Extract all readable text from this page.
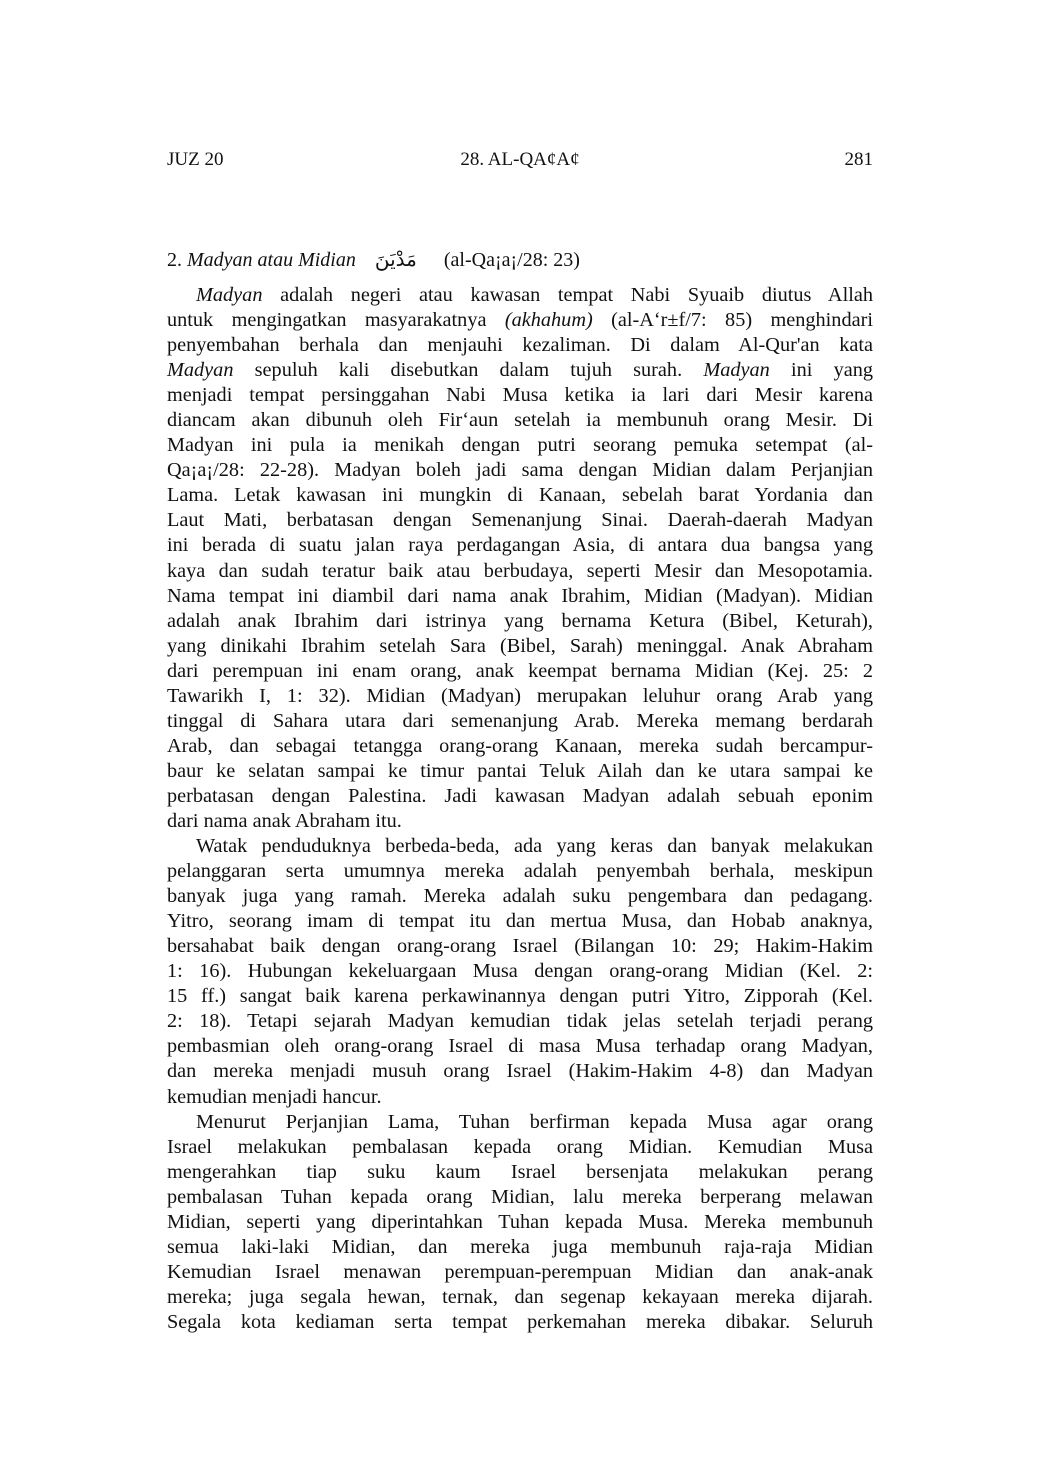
JUZ 20	28. AL-QA¢A¢	281
2. Madyan atau Midian مَدْيَنَ (al-Qa¡a¡/28: 23)
Madyan adalah negeri atau kawasan tempat Nabi Syuaib diutus Allah
untuk mengingatkan masyarakatnya (akhahum) (al-A‘r±f/7: 85) menghindari
penyembahan berhala dan menjauhi kezaliman. Di dalam Al-Qur'an kata
Madyan sepuluh kali disebutkan dalam tujuh surah. Madyan ini yang
menjadi tempat persinggahan Nabi Musa ketika ia lari dari Mesir karena
diancam akan dibunuh oleh Fir‘aun setelah ia membunuh orang Mesir. Di
Madyan ini pula ia menikah dengan putri seorang pemuka setempat (al-
Qa¡a¡/28: 22-28). Madyan boleh jadi sama dengan Midian dalam Perjanjian
Lama. Letak kawasan ini mungkin di Kanaan, sebelah barat Yordania dan
Laut Mati, berbatasan dengan Semenanjung Sinai. Daerah-daerah Madyan
ini berada di suatu jalan raya perdagangan Asia, di antara dua bangsa yang
kaya dan sudah teratur baik atau berbudaya, seperti Mesir dan Mesopotamia.
Nama tempat ini diambil dari nama anak Ibrahim, Midian (Madyan). Midian
adalah anak Ibrahim dari istrinya yang bernama Ketura (Bibel, Keturah),
yang dinikahi Ibrahim setelah Sara (Bibel, Sarah) meninggal. Anak Abraham
dari perempuan ini enam orang, anak keempat bernama Midian (Kej. 25: 2
Tawarikh I, 1: 32). Midian (Madyan) merupakan leluhur orang Arab yang
tinggal di Sahara utara dari semenanjung Arab. Mereka memang berdarah
Arab, dan sebagai tetangga orang-orang Kanaan, mereka sudah bercampur-
baur ke selatan sampai ke timur pantai Teluk Ailah dan ke utara sampai ke
perbatasan dengan Palestina. Jadi kawasan Madyan adalah sebuah eponim
dari nama anak Abraham itu.
Watak penduduknya berbeda-beda, ada yang keras dan banyak melakukan
pelanggaran serta umumnya mereka adalah penyembah berhala, meskipun
banyak juga yang ramah. Mereka adalah suku pengembara dan pedagang.
Yitro, seorang imam di tempat itu dan mertua Musa, dan Hobab anaknya,
bersahabat baik dengan orang-orang Israel (Bilangan 10: 29; Hakim-Hakim
1: 16). Hubungan kekeluargaan Musa dengan orang-orang Midian (Kel. 2:
15 ff.) sangat baik karena perkawinannya dengan putri Yitro, Zipporah (Kel.
2: 18). Tetapi sejarah Madyan kemudian tidak jelas setelah terjadi perang
pembasmian oleh orang-orang Israel di masa Musa terhadap orang Madyan,
dan mereka menjadi musuh orang Israel (Hakim-Hakim 4-8) dan Madyan
kemudian menjadi hancur.
Menurut Perjanjian Lama, Tuhan berfirman kepada Musa agar orang
Israel melakukan pembalasan kepada orang Midian. Kemudian Musa
mengerahkan tiap suku kaum Israel bersenjata melakukan perang
pembalasan Tuhan kepada orang Midian, lalu mereka berperang melawan
Midian, seperti yang diperintahkan Tuhan kepada Musa. Mereka membunuh
semua laki-laki Midian, dan mereka juga membunuh raja-raja Midian
Kemudian Israel menawan perempuan-perempuan Midian dan anak-anak
mereka; juga segala hewan, ternak, dan segenap kekayaan mereka dijarah.
Segala kota kediaman serta tempat perkemahan mereka dibakar. Seluruh
